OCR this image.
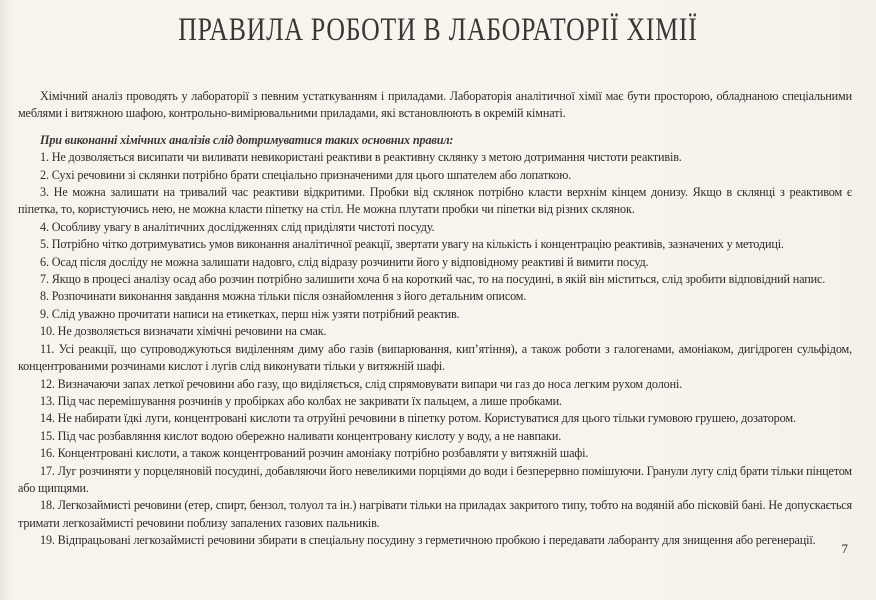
ПРАВИЛА РОБОТИ В ЛАБОРАТОРІЇ ХІМІЇ

Хімічний аналіз проводять у лабораторії з певним устаткуванням і приладами. Лабораторія аналітичної хімії має бути просторою, обладнаною спеціальними меблями і витяжною шафою, контрольно-вимірювальними приладами, які встановлюють в окремій кімнаті.

При виконанні хімічних аналізів слід дотримуватися таких основних правил:

1. Не дозволяється висипати чи виливати невикористані реактиви в реактивну склянку з метою дотримання чистоти реактивів.

2. Сухі речовини зі склянки потрібно брати спеціально призначеними для цього шпателем або лопаткою.

3. Не можна залишати на тривалий час реактиви відкритими. Пробки від склянок потрібно класти верхнім кінцем донизу. Якщо в склянці з реактивом є піпетка, то, користуючись нею, не можна класти піпетку на стіл. Не можна плутати пробки чи піпетки від різних склянок.

4. Особливу увагу в аналітичних дослідженнях слід приділяти чистоті посуду.

5. Потрібно чітко дотримуватись умов виконання аналітичної реакції, звертати увагу на кількість і концентрацію реактивів, зазначених у методиці.

6. Осад після досліду не можна залишати надовго, слід відразу розчинити його у відповідному реактиві й вимити посуд.

7. Якщо в процесі аналізу осад або розчин потрібно залишити хоча б на короткий час, то на посудині, в якій він міститься, слід зробити відповідний напис.

8. Розпочинати виконання завдання можна тільки після ознайомлення з його детальним описом.

9. Слід уважно прочитати написи на етикетках, перш ніж узяти потрібний реактив.

10. Не дозволяється визначати хімічні речовини на смак.

11. Усі реакції, що супроводжуються виділенням диму або газів (випарювання, кип’ятіння), а також роботи з галогенами, амоніаком, дигідроген сульфідом, концентрованими розчинами кислот і лугів слід виконувати тільки у витяжній шафі.

12. Визначаючи запах леткої речовини або газу, що виділяється, слід спрямовувати випари чи газ до носа легким рухом долоні.

13. Під час перемішування розчинів у пробірках або колбах не закривати їх пальцем, а лише пробками.

14. Не набирати їдкі луги, концентровані кислоти та отруйні речовини в піпетку ротом. Користуватися для цього тільки гумовою грушею, дозатором.

15. Під час розбавляння кислот водою обережно наливати концентровану кислоту у воду, а не навпаки.

16. Концентровані кислоти, а також концентрований розчин амоніаку потрібно розбавляти у витяжній шафі.

17. Луг розчиняти у порцеляновій посудині, добавляючи його невеликими порціями до води і безперервно помішуючи. Гранули лугу слід брати тільки пінцетом або щипцями.

18. Легкозаймисті речовини (етер, спирт, бензол, толуол та ін.) нагрівати тільки на приладах закритого типу, тобто на водяній або пісковій бані. Не допускається тримати легкозаймисті речовини поблизу запалених газових пальників.

19. Відпрацьовані легкозаймисті речовини збирати в спеціальну посудину з герметичною пробкою і передавати лаборанту для знищення або регенерації.

7
